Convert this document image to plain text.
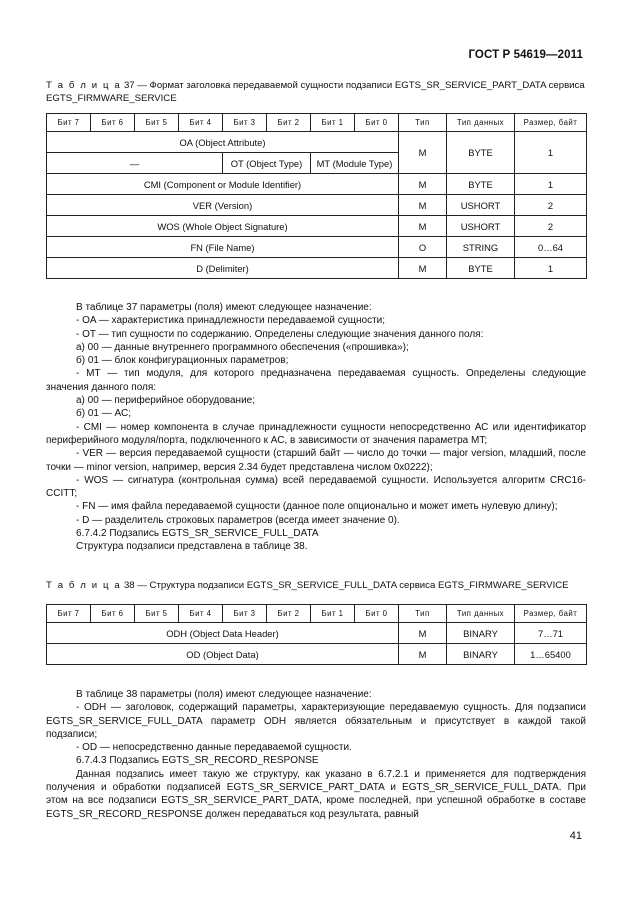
ГОСТ Р 54619—2011
Т а б л и ц а 37 — Формат заголовка передаваемой сущности подзаписи EGTS_SR_SERVICE_PART_DATA сервиса EGTS_FIRMWARE_SERVICE
Бит 7	Бит 6	Бит 5	Бит 4	Бит 3	Бит 2	Бит 1	Бит 0	Тип	Тип данных	Размер, байт
OA (Object Attribute)								M	BYTE	1
—				OT (Object Type)		MT (Module Type)				
CMI (Component or Module Identifier)								M	BYTE	1
VER (Version)								M	USHORT	2
WOS (Whole Object Signature)								M	USHORT	2
FN (File Name)								O	STRING	0…64
D (Delimiter)								M	BYTE	1

В таблице 37 параметры (поля) имеют следующее назначение:

- OA — характеристика принадлежности передаваемой сущности;

- OT — тип сущности по содержанию. Определены следующие значения данного поля:

а) 00 — данные внутреннего программного обеспечения («прошивка»);

б) 01 — блок конфигурационных параметров;

- MT — тип модуля, для которого предназначена передаваемая сущность. Определены следующие значения данного поля:

а) 00 — периферийное оборудование;

б) 01 — АС;

- CMI — номер компонента в случае принадлежности сущности непосредственно АС или идентификатор периферийного модуля/порта, подключенного к АС, в зависимости от значения параметра MT;

- VER — версия передаваемой сущности (старший байт — число до точки — major version, младший, после точки — minor version, например, версия 2.34 будет представлена числом 0x0222);

- WOS — сигнатура (контрольная сумма) всей передаваемой сущности. Используется алгоритм CRC16-CCITT;

- FN — имя файла передаваемой сущности (данное поле опционально и может иметь нулевую длину);

- D — разделитель строковых параметров (всегда имеет значение 0).

6.7.4.2 Подзапись EGTS_SR_SERVICE_FULL_DATA

Структура подзаписи представлена в таблице 38.

Т а б л и ц а 38 — Структура подзаписи EGTS_SR_SERVICE_FULL_DATA сервиса EGTS_FIRMWARE_SERVICE
Бит 7	Бит 6	Бит 5	Бит 4	Бит 3	Бит 2	Бит 1	Бит 0	Тип	Тип данных	Размер, байт
ODH (Object Data Header)								M	BINARY	7…71
OD (Object Data)								M	BINARY	1…65400

В таблице 38 параметры (поля) имеют следующее назначение:

- ODH — заголовок, содержащий параметры, характеризующие передаваемую сущность. Для подзаписи EGTS_SR_SERVICE_FULL_DATA параметр ODH является обязательным и присутствует в каждой такой подзаписи;

- OD — непосредственно данные передаваемой сущности.

6.7.4.3 Подзапись EGTS_SR_RECORD_RESPONSE

Данная подзапись имеет такую же структуру, как указано в 6.7.2.1 и применяется для подтверждения получения и обработки подзаписей EGTS_SR_SERVICE_PART_DATA и EGTS_SR_SERVICE_FULL_DATA. При этом на все подзаписи EGTS_SR_SERVICE_PART_DATA, кроме последней, при успешной обработке в составе EGTS_SR_RECORD_RESPONSE должен передаваться код результата, равный

41
